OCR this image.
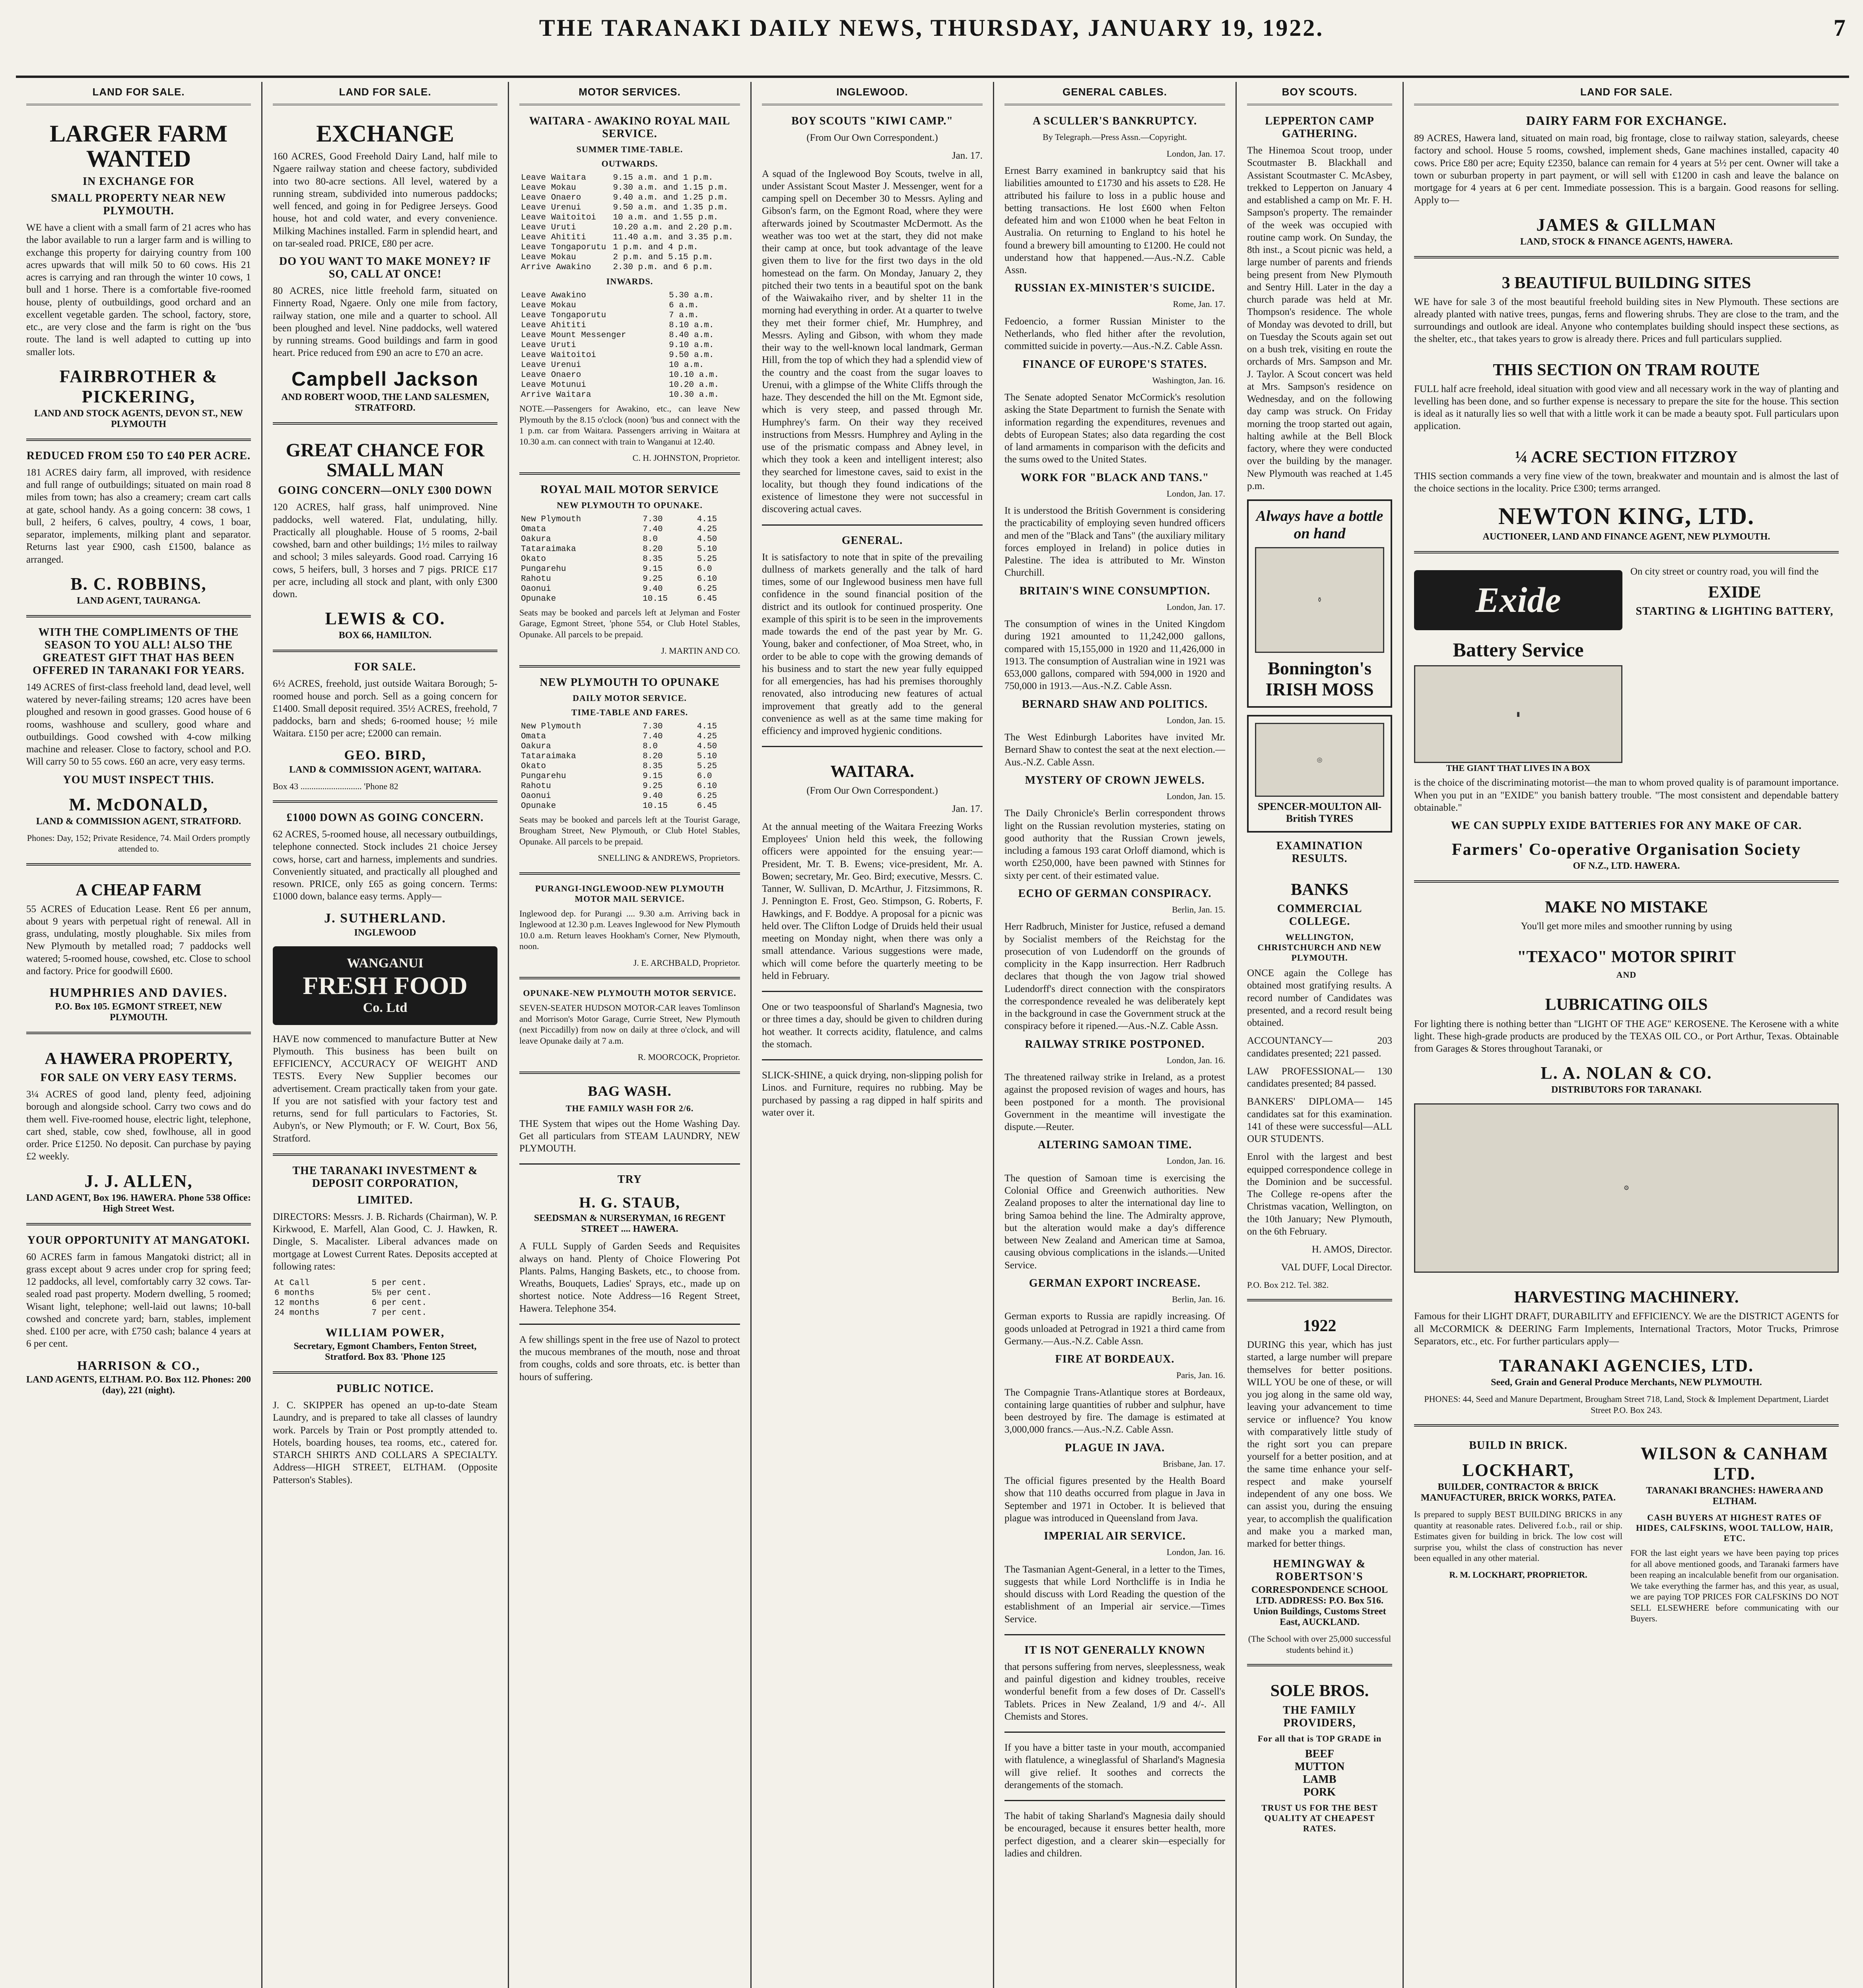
THE TARANAKI DAILY NEWS, THURSDAY, JANUARY 19, 1922.	7
LAND FOR SALE.
LARGER FARM WANTED
IN EXCHANGE FOR
SMALL PROPERTY NEAR NEW PLYMOUTH.
WE have a client with a small farm of 21 acres who has the labor available to run a larger farm and is willing to exchange this property for dairying country from 100 acres upwards that will milk 50 to 60 cows. His 21 acres is carrying and ran through the winter 10 cows, 1 bull and 1 horse. There is a comfortable five-roomed house, plenty of outbuildings, good orchard and an excellent vegetable garden. The school, factory, store, etc., are very close and the farm is right on the 'bus route. The land is well adapted to cutting up into smaller lots.
FAIRBROTHER & PICKERING,
LAND AND STOCK AGENTS, DEVON ST., NEW PLYMOUTH
REDUCED FROM £50 TO £40 PER ACRE.
181 ACRES dairy farm, all improved, with residence and full range of outbuildings; situated on main road 8 miles from town; has also a creamery; cream cart calls at gate, school handy. As a going concern: 38 cows, 1 bull, 2 heifers, 6 calves, poultry, 4 cows, 1 boar, separator, implements, milking plant and separator. Returns last year £900, cash £1500, balance as arranged.
B. C. ROBBINS,
LAND AGENT, TAURANGA.
WITH THE COMPLIMENTS OF THE SEASON TO YOU ALL! ALSO THE GREATEST GIFT THAT HAS BEEN OFFERED IN TARANAKI FOR YEARS.
149 ACRES of first-class freehold land, dead level, well watered by never-failing streams; 120 acres have been ploughed and resown in good grasses. Good house of 6 rooms, washhouse and scullery, good whare and outbuildings. Good cowshed with 4-cow milking machine and releaser. Close to factory, school and P.O. Will carry 50 to 55 cows. £60 an acre, very easy terms.
YOU MUST INSPECT THIS.
M. McDONALD,
LAND & COMMISSION AGENT, STRATFORD.
Phones: Day, 152; Private Residence, 74. Mail Orders promptly attended to.
A CHEAP FARM
55 ACRES of Education Lease. Rent £6 per annum, about 9 years with perpetual right of renewal. All in grass, undulating, mostly ploughable. Six miles from New Plymouth by metalled road; 7 paddocks well watered; 5-roomed house, cowshed, etc. Close to school and factory. Price for goodwill £600.
HUMPHRIES AND DAVIES.
P.O. Box 105. EGMONT STREET, NEW PLYMOUTH.
A HAWERA PROPERTY,
FOR SALE ON VERY EASY TERMS.
3¼ ACRES of good land, plenty feed, adjoining borough and alongside school. Carry two cows and do them well. Five-roomed house, electric light, telephone, cart shed, stable, cow shed, fowlhouse, all in good order. Price £1250. No deposit. Can purchase by paying £2 weekly.
J. J. ALLEN,
LAND AGENT, Box 196. HAWERA. Phone 538 Office: High Street West.
YOUR OPPORTUNITY AT MANGATOKI.
60 ACRES farm in famous Mangatoki district; all in grass except about 9 acres under crop for spring feed; 12 paddocks, all level, comfortably carry 32 cows. Tar-sealed road past property. Modern dwelling, 5 roomed; Wisant light, telephone; well-laid out lawns; 10-ball cowshed and concrete yard; barn, stables, implement shed. £100 per acre, with £750 cash; balance 4 years at 6 per cent.
HARRISON & CO.,
LAND AGENTS, ELTHAM. P.O. Box 112. Phones: 200 (day), 221 (night).
LAND FOR SALE.
EXCHANGE
160 ACRES, Good Freehold Dairy Land, half mile to Ngaere railway station and cheese factory, subdivided into two 80-acre sections. All level, watered by a running stream, subdivided into numerous paddocks; well fenced, and going in for Pedigree Jerseys. Good house, hot and cold water, and every convenience. Milking Machines installed. Farm in splendid heart, and on tar-sealed road. PRICE, £80 per acre.
DO YOU WANT TO MAKE MONEY? IF SO, CALL AT ONCE!
80 ACRES, nice little freehold farm, situated on Finnerty Road, Ngaere. Only one mile from factory, railway station, one mile and a quarter to school. All been ploughed and level. Nine paddocks, well watered by running streams. Good buildings and farm in good heart. Price reduced from £90 an acre to £70 an acre.
Campbell Jackson
AND ROBERT WOOD, THE LAND SALESMEN, STRATFORD.
GREAT CHANCE FOR SMALL MAN
GOING CONCERN—ONLY £300 DOWN
120 ACRES, half grass, half unimproved. Nine paddocks, well watered. Flat, undulating, hilly. Practically all ploughable. House of 5 rooms, 2-bail cowshed, barn and other buildings; 1½ miles to railway and school; 3 miles saleyards. Good road. Carrying 16 cows, 5 heifers, bull, 3 horses and 7 pigs. PRICE £17 per acre, including all stock and plant, with only £300 down.
LEWIS & CO.
BOX 66, HAMILTON.
FOR SALE.
6½ ACRES, freehold, just outside Waitara Borough; 5-roomed house and porch. Sell as a going concern for £1400. Small deposit required. 35½ ACRES, freehold, 7 paddocks, barn and sheds; 6-roomed house; ½ mile Waitara. £150 per acre; £2000 can remain.
GEO. BIRD,
LAND & COMMISSION AGENT, WAITARA.
Box 43 ............................ 'Phone 82
£1000 DOWN AS GOING CONCERN.
62 ACRES, 5-roomed house, all necessary outbuildings, telephone connected. Stock includes 21 choice Jersey cows, horse, cart and harness, implements and sundries. Conveniently situated, and practically all ploughed and resown. PRICE, only £65 as going concern. Terms: £1000 down, balance easy terms. Apply—
J. SUTHERLAND.
INGLEWOOD
WANGANUI
FRESH FOOD
Co. Ltd
HAVE now commenced to manufacture Butter at New Plymouth. This business has been built on EFFICIENCY, ACCURACY OF WEIGHT AND TESTS. Every New Supplier becomes our advertisement. Cream practically taken from your gate. If you are not satisfied with your factory test and returns, send for full particulars to Factories, St. Aubyn's, or New Plymouth; or F. W. Court, Box 56, Stratford.
THE TARANAKI INVESTMENT & DEPOSIT CORPORATION,
LIMITED.
DIRECTORS: Messrs. J. B. Richards (Chairman), W. P. Kirkwood, E. Marfell, Alan Good, C. J. Hawken, R. Dingle, S. Macalister. Liberal advances made on mortgage at Lowest Current Rates. Deposits accepted at following rates:
At Call	5 per cent.
6 months	5½ per cent.
12 months	6 per cent.
24 months	7 per cent.
WILLIAM POWER,
Secretary, Egmont Chambers, Fenton Street, Stratford. Box 83. 'Phone 125
PUBLIC NOTICE.
J. C. SKIPPER has opened an up-to-date Steam Laundry, and is prepared to take all classes of laundry work. Parcels by Train or Post promptly attended to. Hotels, boarding houses, tea rooms, etc., catered for. STARCH SHIRTS AND COLLARS A SPECIALTY. Address—HIGH STREET, ELTHAM. (Opposite Patterson's Stables).
MOTOR SERVICES.
WAITARA - AWAKINO ROYAL MAIL SERVICE.
SUMMER TIME-TABLE.
OUTWARDS.
Leave Waitara	9.15 a.m. and 1 p.m.
Leave Mokau	9.30 a.m. and 1.15 p.m.
Leave Onaero	9.40 a.m. and 1.25 p.m.
Leave Urenui	9.50 a.m. and 1.35 p.m.
Leave Waitoitoi	10 a.m. and 1.55 p.m.
Leave Uruti	10.20 a.m. and 2.20 p.m.
Leave Ahititi	11.40 a.m. and 3.35 p.m.
Leave Tongaporutu	1 p.m. and 4 p.m.
Leave Mokau	2 p.m. and 5.15 p.m.
Arrive Awakino	2.30 p.m. and 6 p.m.
INWARDS.
Leave Awakino	5.30 a.m.
Leave Mokau	6 a.m.
Leave Tongaporutu	7 a.m.
Leave Ahititi	8.10 a.m.
Leave Mount Messenger	8.40 a.m.
Leave Uruti	9.10 a.m.
Leave Waitoitoi	9.50 a.m.
Leave Urenui	10 a.m.
Leave Onaero	10.10 a.m.
Leave Motunui	10.20 a.m.
Arrive Waitara	10.30 a.m.
NOTE.—Passengers for Awakino, etc., can leave New Plymouth by the 8.15 o'clock (noon) 'bus and connect with the 1 p.m. car from Waitara. Passengers arriving in Waitara at 10.30 a.m. can connect with train to Wanganui at 12.40.
C. H. JOHNSTON, Proprietor.
ROYAL MAIL MOTOR SERVICE
NEW PLYMOUTH TO OPUNAKE.
New Plymouth	7.30	4.15
Omata	7.40	4.25
Oakura	8.0	4.50
Tataraimaka	8.20	5.10
Okato	8.35	5.25
Pungarehu	9.15	6.0
Rahotu	9.25	6.10
Oaonui	9.40	6.25
Opunake	10.15	6.45
Seats may be booked and parcels left at Jelyman and Foster Garage, Egmont Street, 'phone 554, or Club Hotel Stables, Opunake. All parcels to be prepaid.
J. MARTIN AND CO.
NEW PLYMOUTH TO OPUNAKE
DAILY MOTOR SERVICE.
TIME-TABLE AND FARES.
New Plymouth	7.30	4.15
Omata	7.40	4.25
Oakura	8.0	4.50
Tataraimaka	8.20	5.10
Okato	8.35	5.25
Pungarehu	9.15	6.0
Rahotu	9.25	6.10
Oaonui	9.40	6.25
Opunake	10.15	6.45
Seats may be booked and parcels left at the Tourist Garage, Brougham Street, New Plymouth, or Club Hotel Stables, Opunake. All parcels to be prepaid.
SNELLING & ANDREWS, Proprietors.
PURANGI-INGLEWOOD-NEW PLYMOUTH MOTOR MAIL SERVICE.
Inglewood dep. for Purangi .... 9.30 a.m. Arriving back in Inglewood at 12.30 p.m. Leaves Inglewood for New Plymouth 10.0 a.m. Return leaves Hookham's Corner, New Plymouth, noon.
J. E. ARCHBALD, Proprietor.
OPUNAKE-NEW PLYMOUTH MOTOR SERVICE.
SEVEN-SEATER HUDSON MOTOR-CAR leaves Tomlinson and Morrison's Motor Garage, Currie Street, New Plymouth (next Piccadilly) from now on daily at three o'clock, and will leave Opunake daily at 7 a.m.
R. MOORCOCK, Proprietor.
BAG WASH.
THE FAMILY WASH FOR 2/6.
THE System that wipes out the Home Washing Day. Get all particulars from STEAM LAUNDRY, NEW PLYMOUTH.
TRY
H. G. STAUB,
SEEDSMAN & NURSERYMAN, 16 REGENT STREET .... HAWERA.
A FULL Supply of Garden Seeds and Requisites always on hand. Plenty of Choice Flowering Pot Plants. Palms, Hanging Baskets, etc., to choose from. Wreaths, Bouquets, Ladies' Sprays, etc., made up on shortest notice. Note Address—16 Regent Street, Hawera. Telephone 354.
A few shillings spent in the free use of Nazol to protect the mucous membranes of the mouth, nose and throat from coughs, colds and sore throats, etc. is better than hours of suffering.
INGLEWOOD.
BOY SCOUTS "KIWI CAMP."
(From Our Own Correspondent.)
Jan. 17.
A squad of the Inglewood Boy Scouts, twelve in all, under Assistant Scout Master J. Messenger, went for a camping spell on December 30 to Messrs. Ayling and Gibson's farm, on the Egmont Road, where they were afterwards joined by Scoutmaster McDermott. As the weather was too wet at the start, they did not make their camp at once, but took advantage of the leave given them to live for the first two days in the old homestead on the farm. On Monday, January 2, they pitched their two tents in a beautiful spot on the bank of the Waiwakaiho river, and by shelter 11 in the morning had everything in order. At a quarter to twelve they met their former chief, Mr. Humphrey, and Messrs. Ayling and Gibson, with whom they made their way to the well-known local landmark, German Hill, from the top of which they had a splendid view of the country and the coast from the sugar loaves to Urenui, with a glimpse of the White Cliffs through the haze. They descended the hill on the Mt. Egmont side, which is very steep, and passed through Mr. Humphrey's farm. On their way they received instructions from Messrs. Humphrey and Ayling in the use of the prismatic compass and Abney level, in which they took a keen and intelligent interest; also they searched for limestone caves, said to exist in the locality, but though they found indications of the existence of limestone they were not successful in discovering actual caves.
GENERAL.
It is satisfactory to note that in spite of the prevailing dullness of markets generally and the talk of hard times, some of our Inglewood business men have full confidence in the sound financial position of the district and its outlook for continued prosperity. One example of this spirit is to be seen in the improvements made towards the end of the past year by Mr. G. Young, baker and confectioner, of Moa Street, who, in order to be able to cope with the growing demands of his business and to start the new year fully equipped for all emergencies, has had his premises thoroughly renovated, also introducing new features of actual improvement that greatly add to the general convenience as well as at the same time making for efficiency and improved hygienic conditions.
WAITARA.
(From Our Own Correspondent.)
Jan. 17.
At the annual meeting of the Waitara Freezing Works Employees' Union held this week, the following officers were appointed for the ensuing year:—President, Mr. T. B. Ewens; vice-president, Mr. A. Bowen; secretary, Mr. Geo. Bird; executive, Messrs. C. Tanner, W. Sullivan, D. McArthur, J. Fitzsimmons, R. J. Pennington E. Frost, Geo. Stimpson, G. Roberts, F. Hawkings, and F. Boddye. A proposal for a picnic was held over. The Clifton Lodge of Druids held their usual meeting on Monday night, when there was only a small attendance. Various suggestions were made, which will come before the quarterly meeting to be held in February.
One or two teaspoonsful of Sharland's Magnesia, two or three times a day, should be given to children during hot weather. It corrects acidity, flatulence, and calms the stomach.
SLICK-SHINE, a quick drying, non-slipping polish for Linos. and Furniture, requires no rubbing. May be purchased by passing a rag dipped in half spirits and water over it.
GENERAL CABLES.
A SCULLER'S BANKRUPTCY.
By Telegraph.—Press Assn.—Copyright.
London, Jan. 17.
Ernest Barry examined in bankruptcy said that his liabilities amounted to £1730 and his assets to £28. He attributed his failure to loss in a public house and betting transactions. He lost £600 when Felton defeated him and won £1000 when he beat Felton in Australia. On returning to England to his hotel he found a brewery bill amounting to £1200. He could not understand how that happened.—Aus.-N.Z. Cable Assn.
RUSSIAN EX-MINISTER'S SUICIDE.
Rome, Jan. 17.
Fedoencio, a former Russian Minister to the Netherlands, who fled hither after the revolution, committed suicide in poverty.—Aus.-N.Z. Cable Assn.
FINANCE OF EUROPE'S STATES.
Washington, Jan. 16.
The Senate adopted Senator McCormick's resolution asking the State Department to furnish the Senate with information regarding the expenditures, revenues and debts of European States; also data regarding the cost of land armaments in comparison with the deficits and the sums owed to the United States.
WORK FOR "BLACK AND TANS."
London, Jan. 17.
It is understood the British Government is considering the practicability of employing seven hundred officers and men of the "Black and Tans" (the auxiliary military forces employed in Ireland) in police duties in Palestine. The idea is attributed to Mr. Winston Churchill.
BRITAIN'S WINE CONSUMPTION.
London, Jan. 17.
The consumption of wines in the United Kingdom during 1921 amounted to 11,242,000 gallons, compared with 15,155,000 in 1920 and 11,426,000 in 1913. The consumption of Australian wine in 1921 was 653,000 gallons, compared with 594,000 in 1920 and 750,000 in 1913.—Aus.-N.Z. Cable Assn.
BERNARD SHAW AND POLITICS.
London, Jan. 15.
The West Edinburgh Laborites have invited Mr. Bernard Shaw to contest the seat at the next election.—Aus.-N.Z. Cable Assn.
MYSTERY OF CROWN JEWELS.
London, Jan. 15.
The Daily Chronicle's Berlin correspondent throws light on the Russian revolution mysteries, stating on good authority that the Russian Crown jewels, including a famous 193 carat Orloff diamond, which is worth £250,000, have been pawned with Stinnes for sixty per cent. of their estimated value.
ECHO OF GERMAN CONSPIRACY.
Berlin, Jan. 15.
Herr Radbruch, Minister for Justice, refused a demand by Socialist members of the Reichstag for the prosecution of von Ludendorff on the grounds of complicity in the Kapp insurrection. Herr Radbruch declares that though the von Jagow trial showed Ludendorff's direct connection with the conspirators the correspondence revealed he was deliberately kept in the background in case the Government struck at the conspiracy before it ripened.—Aus.-N.Z. Cable Assn.
RAILWAY STRIKE POSTPONED.
London, Jan. 16.
The threatened railway strike in Ireland, as a protest against the proposed revision of wages and hours, has been postponed for a month. The provisional Government in the meantime will investigate the dispute.—Reuter.
ALTERING SAMOAN TIME.
London, Jan. 16.
The question of Samoan time is exercising the Colonial Office and Greenwich authorities. New Zealand proposes to alter the international day line to bring Samoa behind the line. The Admiralty approve, but the alteration would make a day's difference between New Zealand and American time at Samoa, causing obvious complications in the islands.—United Service.
GERMAN EXPORT INCREASE.
Berlin, Jan. 16.
German exports to Russia are rapidly increasing. Of goods unloaded at Petrograd in 1921 a third came from Germany.—Aus.-N.Z. Cable Assn.
FIRE AT BORDEAUX.
Paris, Jan. 16.
The Compagnie Trans-Atlantique stores at Bordeaux, containing large quantities of rubber and sulphur, have been destroyed by fire. The damage is estimated at 3,000,000 francs.—Aus.-N.Z. Cable Assn.
PLAGUE IN JAVA.
Brisbane, Jan. 17.
The official figures presented by the Health Board show that 110 deaths occurred from plague in Java in September and 1971 in October. It is believed that plague was introduced in Queensland from Java.
IMPERIAL AIR SERVICE.
London, Jan. 16.
The Tasmanian Agent-General, in a letter to the Times, suggests that while Lord Northcliffe is in India he should discuss with Lord Reading the question of the establishment of an Imperial air service.—Times Service.
IT IS NOT GENERALLY KNOWN
that persons suffering from nerves, sleeplessness, weak and painful digestion and kidney troubles, receive wonderful benefit from a few doses of Dr. Cassell's Tablets. Prices in New Zealand, 1/9 and 4/-. All Chemists and Stores.
If you have a bitter taste in your mouth, accompanied with flatulence, a wineglassful of Sharland's Magnesia will give relief. It soothes and corrects the derangements of the stomach.
The habit of taking Sharland's Magnesia daily should be encouraged, because it ensures better health, more perfect digestion, and a clearer skin—especially for ladies and children.
BOY SCOUTS.
LEPPERTON CAMP GATHERING.
The Hinemoa Scout troop, under Scoutmaster B. Blackhall and Assistant Scoutmaster C. McAsbey, trekked to Lepperton on January 4 and established a camp on Mr. F. H. Sampson's property. The remainder of the week was occupied with routine camp work. On Sunday, the 8th inst., a Scout picnic was held, a large number of parents and friends being present from New Plymouth and Sentry Hill. Later in the day a church parade was held at Mr. Thompson's residence. The whole of Monday was devoted to drill, but on Tuesday the Scouts again set out on a bush trek, visiting en route the orchards of Mrs. Sampson and Mr. J. Taylor. A Scout concert was held at Mrs. Sampson's residence on Wednesday, and on the following day camp was struck. On Friday morning the troop started out again, halting awhile at the Bell Block factory, where they were conducted over the building by the manager. New Plymouth was reached at 1.45 p.m.
Always have a bottle on hand
⚱
Bonnington's
IRISH MOSS
◎
SPENCER-MOULTON All-British TYRES
EXAMINATION RESULTS.
BANKS
COMMERCIAL COLLEGE.
WELLINGTON, CHRISTCHURCH AND NEW PLYMOUTH.
ONCE again the College has obtained most gratifying results. A record number of Candidates was presented, and a record result being obtained.
ACCOUNTANCY— 203 candidates presented; 221 passed.
LAW PROFESSIONAL— 130 candidates presented; 84 passed.
BANKERS' DIPLOMA— 145 candidates sat for this examination. 141 of these were successful—ALL OUR STUDENTS.
Enrol with the largest and best equipped correspondence college in the Dominion and be successful. The College re-opens after the Christmas vacation, Wellington, on the 10th January; New Plymouth, on the 6th February.
H. AMOS, Director.
VAL DUFF, Local Director.
P.O. Box 212. Tel. 382.
1922
DURING this year, which has just started, a large number will prepare themselves for better positions. WILL YOU be one of these, or will you jog along in the same old way, leaving your advancement to time service or influence? You know with comparatively little study of the right sort you can prepare yourself for a better position, and at the same time enhance your self-respect and make yourself independent of any one boss. We can assist you, during the ensuing year, to accomplish the qualification and make you a marked man, marked for better things.
HEMINGWAY & ROBERTSON'S
CORRESPONDENCE SCHOOL LTD. ADDRESS: P.O. Box 516. Union Buildings, Customs Street East, AUCKLAND.
(The School with over 25,000 successful students behind it.)
SOLE BROS.
THE FAMILY PROVIDERS,
For all that is TOP GRADE in
BEEF
MUTTON
LAMB
PORK
TRUST US FOR THE BEST QUALITY AT CHEAPEST RATES.
LAND FOR SALE.
DAIRY FARM FOR EXCHANGE.
89 ACRES, Hawera land, situated on main road, big frontage, close to railway station, saleyards, cheese factory and school. House 5 rooms, cowshed, implement sheds, Gane machines installed, capacity 40 cows. Price £80 per acre; Equity £2350, balance can remain for 4 years at 5½ per cent. Owner will take a town or suburban property in part payment, or will sell with £1200 in cash and leave the balance on mortgage for 4 years at 6 per cent. Immediate possession. This is a bargain. Good reasons for selling. Apply to—
JAMES & GILLMAN
LAND, STOCK & FINANCE AGENTS, HAWERA.
3 BEAUTIFUL BUILDING SITES
WE have for sale 3 of the most beautiful freehold building sites in New Plymouth. These sections are already planted with native trees, pungas, ferns and flowering shrubs. They are close to the tram, and the surroundings and outlook are ideal. Anyone who contemplates building should inspect these sections, as the shelter, etc., that takes years to grow is already there. Prices and full particulars supplied.
THIS SECTION ON TRAM ROUTE
FULL half acre freehold, ideal situation with good view and all necessary work in the way of planting and levelling has been done, and so further expense is necessary to prepare the site for the house. This section is ideal as it naturally lies so well that with a little work it can be made a beauty spot. Full particulars upon application.
¼ ACRE SECTION FITZROY
THIS section commands a very fine view of the town, breakwater and mountain and is almost the last of the choice sections in the locality. Price £300; terms arranged.
NEWTON KING, LTD.
AUCTIONEER, LAND AND FINANCE AGENT, NEW PLYMOUTH.
Exide
Battery Service
▮
THE GIANT THAT LIVES IN A BOX
On city street or country road, you will find the
EXIDE
STARTING & LIGHTING BATTERY,
is the choice of the discriminating motorist—the man to whom proved quality is of paramount importance. When you put in an "EXIDE" you banish battery trouble. "The most consistent and dependable battery obtainable."
WE CAN SUPPLY EXIDE BATTERIES FOR ANY MAKE OF CAR.
Farmers' Co-operative Organisation Society
OF N.Z., LTD. HAWERA.
MAKE NO MISTAKE
You'll get more miles and smoother running by using
"TEXACO" MOTOR SPIRIT
AND
LUBRICATING OILS
For lighting there is nothing better than "LIGHT OF THE AGE" KEROSENE. The Kerosene with a white light. These high-grade products are produced by the TEXAS OIL CO., or Port Arthur, Texas. Obtainable from Garages & Stores throughout Taranaki, or
L. A. NOLAN & CO.
DISTRIBUTORS FOR TARANAKI.
⚙
HARVESTING MACHINERY.
Famous for their LIGHT DRAFT, DURABILITY and EFFICIENCY. We are the DISTRICT AGENTS for all McCORMICK & DEERING Farm Implements, International Tractors, Motor Trucks, Primrose Separators, etc., etc. For further particulars apply—
TARANAKI AGENCIES, LTD.
Seed, Grain and General Produce Merchants, NEW PLYMOUTH.
PHONES: 44, Seed and Manure Department, Brougham Street 718, Land, Stock & Implement Department, Liardet Street P.O. Box 243.
BUILD IN BRICK.
LOCKHART,
BUILDER, CONTRACTOR & BRICK MANUFACTURER, BRICK WORKS, PATEA.
Is prepared to supply BEST BUILDING BRICKS in any quantity at reasonable rates. Delivered f.o.b., rail or ship. Estimates given for building in brick. The low cost will surprise you, whilst the class of construction has never been equalled in any other material.
R. M. LOCKHART, PROPRIETOR.
WILSON & CANHAM LTD.
TARANAKI BRANCHES: HAWERA AND ELTHAM.
CASH BUYERS AT HIGHEST RATES OF HIDES, CALFSKINS, WOOL TALLOW, HAIR, ETC.
FOR the last eight years we have been paying top prices for all above mentioned goods, and Taranaki farmers have been reaping an incalculable benefit from our organisation. We take everything the farmer has, and this year, as usual, we are paying TOP PRICES FOR CALFSKINS DO NOT SELL ELSEWHERE before communicating with our Buyers.
